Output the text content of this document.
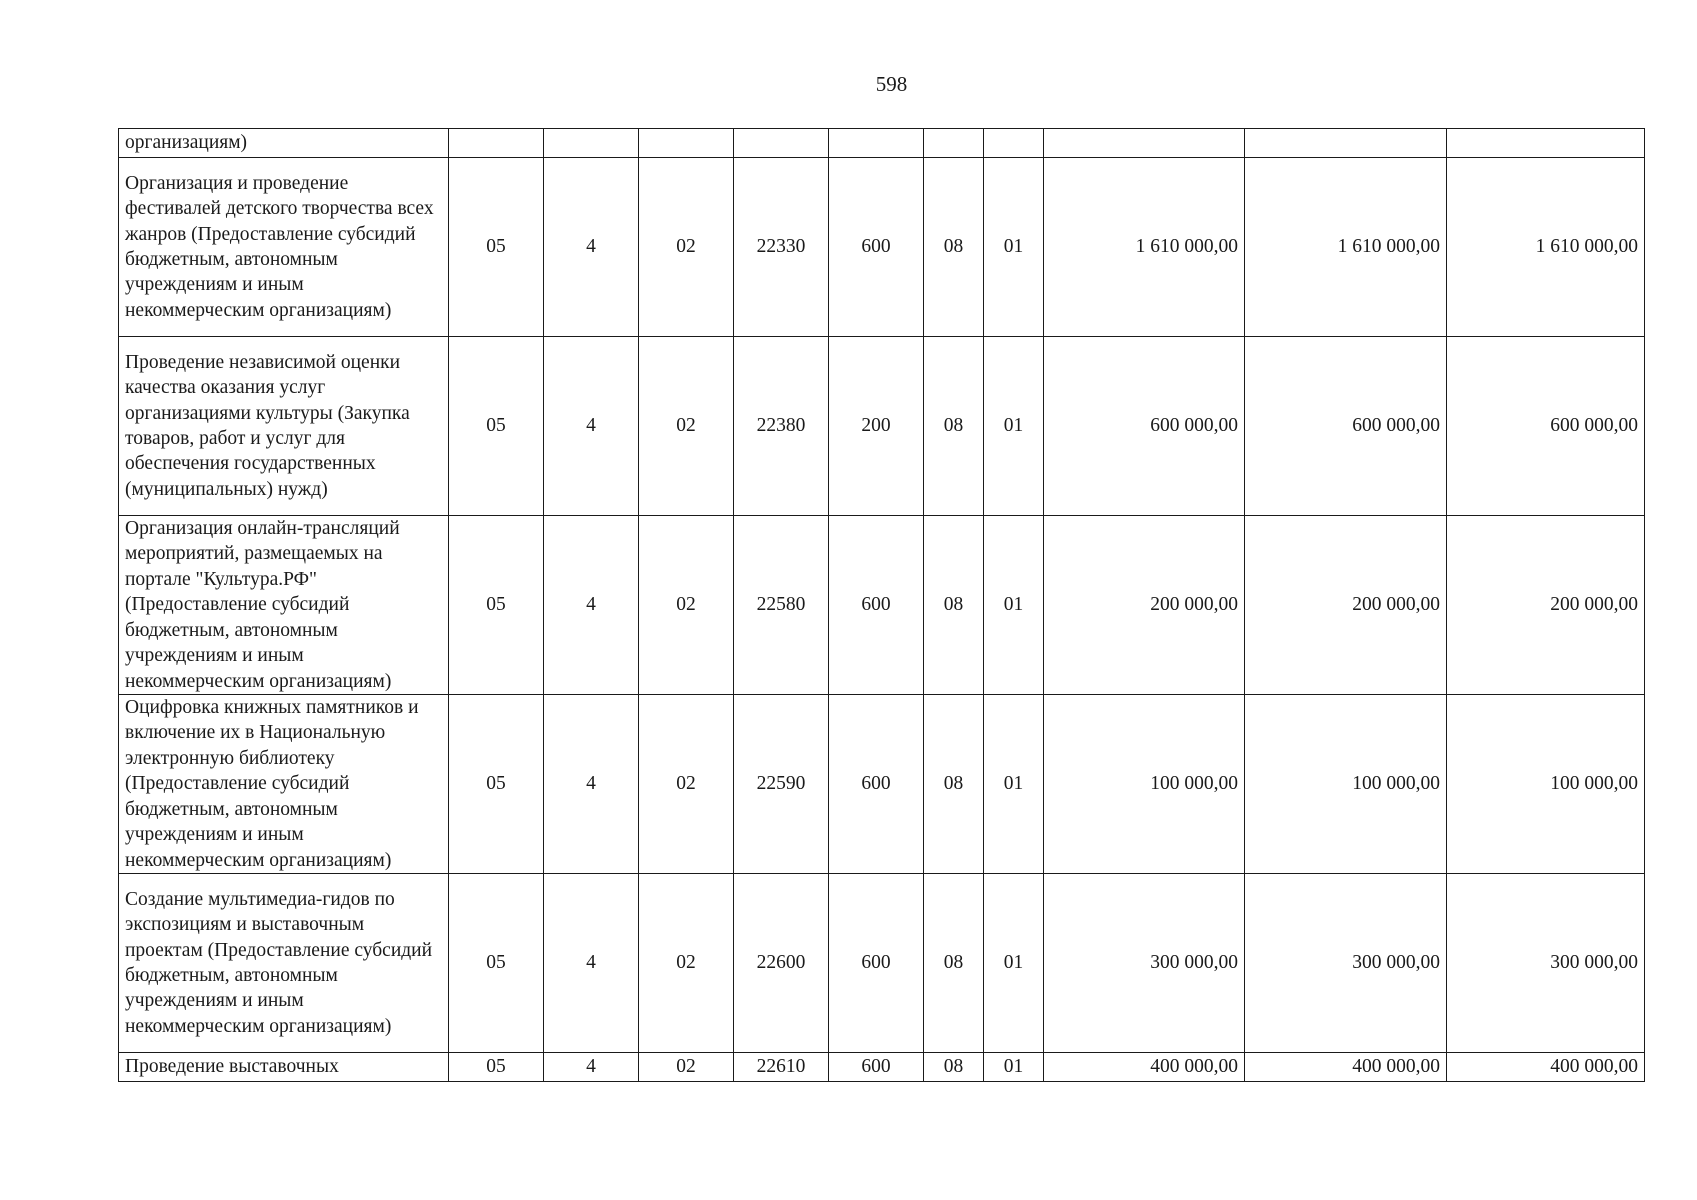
598
организациям)										
Организация и проведение фестивалей детского творчества всех жанров (Предоставление субсидий бюджетным, автономным учреждениям и иным некоммерческим организациям)	05	4	02	22330	600	08	01	1 610 000,00	1 610 000,00	1 610 000,00
Проведение независимой оценки качества оказания услуг организациями культуры (Закупка товаров, работ и услуг для обеспечения государственных (муниципальных) нужд)	05	4	02	22380	200	08	01	600 000,00	600 000,00	600 000,00
Организация онлайн-трансляций мероприятий, размещаемых на портале "Культура.РФ" (Предоставление субсидий бюджетным, автономным учреждениям и иным некоммерческим организациям)	05	4	02	22580	600	08	01	200 000,00	200 000,00	200 000,00
Оцифровка книжных памятников и включение их в Национальную электронную библиотеку (Предоставление субсидий бюджетным, автономным учреждениям и иным некоммерческим организациям)	05	4	02	22590	600	08	01	100 000,00	100 000,00	100 000,00
Создание мультимедиа-гидов по экспозициям и выставочным проектам (Предоставление субсидий бюджетным, автономным учреждениям и иным некоммерческим организациям)	05	4	02	22600	600	08	01	300 000,00	300 000,00	300 000,00
Проведение выставочных	05	4	02	22610	600	08	01	400 000,00	400 000,00	400 000,00
